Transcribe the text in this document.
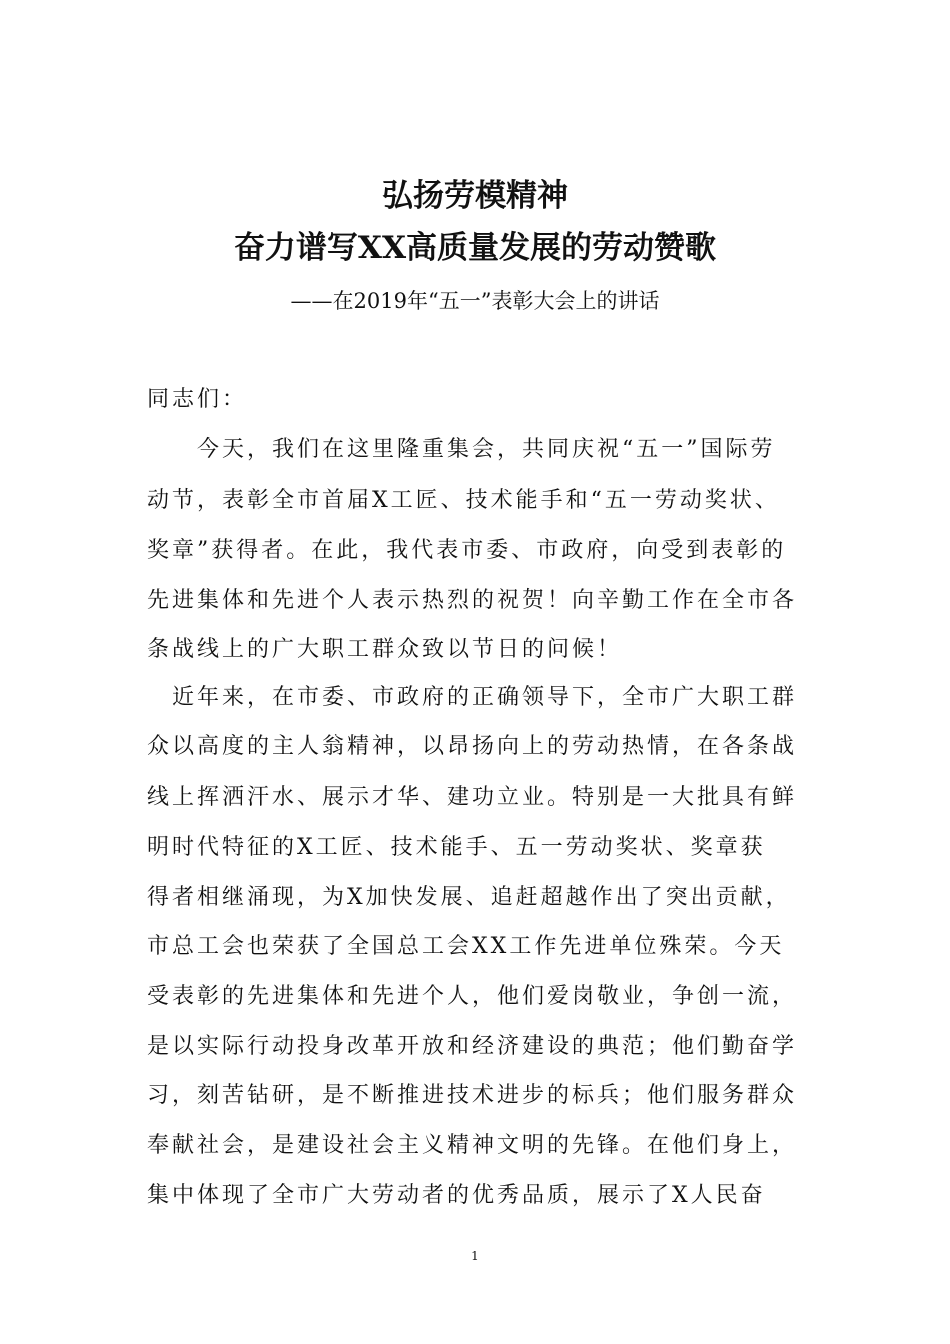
弘扬劳模精神
奋力谱写XX高质量发展的劳动赞歌

——在2019年“五一”表彰大会上的讲话

同志们：

　　今天，我们在这里隆重集会，共同庆祝“五一”国际劳

动节，表彰全市首届X工匠、技术能手和“五一劳动奖状、

奖章”获得者。在此，我代表市委、市政府，向受到表彰的

先进集体和先进个人表示热烈的祝贺！向辛勤工作在全市各

条战线上的广大职工群众致以节日的问候！

　近年来，在市委、市政府的正确领导下，全市广大职工群

众以高度的主人翁精神，以昂扬向上的劳动热情，在各条战

线上挥洒汗水、展示才华、建功立业。特别是一大批具有鲜

明时代特征的X工匠、技术能手、五一劳动奖状、奖章获

得者相继涌现，为X加快发展、追赶超越作出了突出贡献，

市总工会也荣获了全国总工会XX工作先进单位殊荣。今天

受表彰的先进集体和先进个人，他们爱岗敬业，争创一流，

是以实际行动投身改革开放和经济建设的典范；他们勤奋学

习，刻苦钻研，是不断推进技术进步的标兵；他们服务群众

奉献社会，是建设社会主义精神文明的先锋。在他们身上，

集中体现了全市广大劳动者的优秀品质，展示了X人民奋

1
